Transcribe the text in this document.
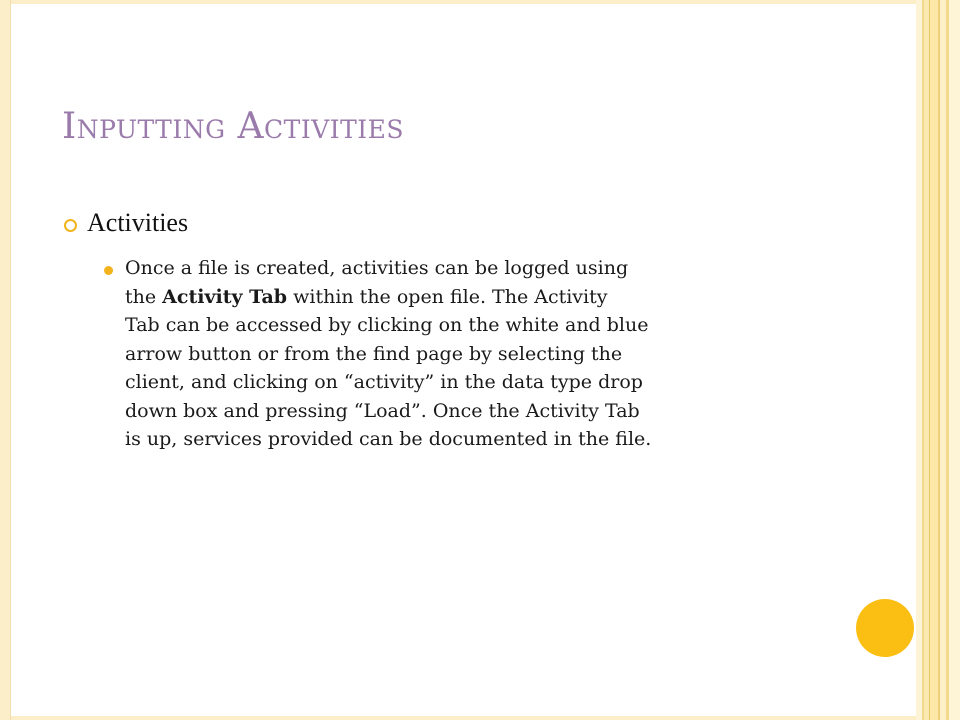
Inputting Activities
Activities

Once a file is created, activities can be logged using
the Activity Tab within the open file. The Activity
Tab can be accessed by clicking on the white and blue
arrow button or from the find page by selecting the
client, and clicking on “activity” in the data type drop
down box and pressing “Load”. Once the Activity Tab
is up, services provided can be documented in the file.
